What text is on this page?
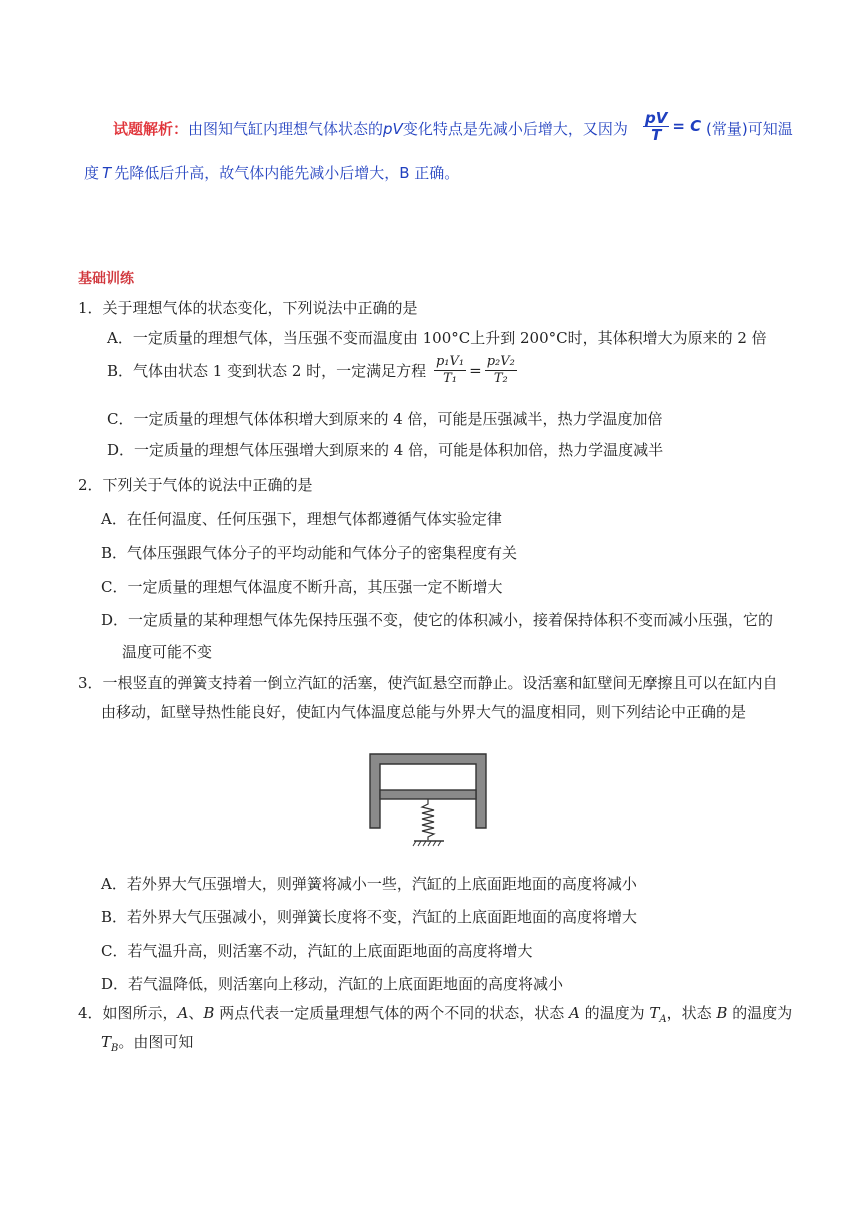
试题解析：由图知气缸内理想气体状态的pV变化特点是先减小后增大，又因为 $\frac{pV}{T} = C$ (常量)可知温
度 T 先降低后升高，故气体内能先减小后增大，B 正确。
基础训练
1．关于理想气体的状态变化，下列说法中正确的是
A．一定质量的理想气体，当压强不变而温度由 100°C上升到 200°C时，其体积增大为原来的 2 倍
B．气体由状态 1 变到状态 2 时，一定满足方程 $\frac{\text{p₁V₁}}{\text{T₁}} = \frac{\text{p₂V₂}}{\text{T₂}}$
C．一定质量的理想气体体积增大到原来的 4 倍，可能是压强减半，热力学温度加倍
D．一定质量的理想气体压强增大到原来的 4 倍，可能是体积加倍，热力学温度减半
2．下列关于气体的说法中正确的是
A．在任何温度、任何压强下，理想气体都遵循气体实验定律
B．气体压强跟气体分子的平均动能和气体分子的密集程度有关
C．一定质量的理想气体温度不断升高，其压强一定不断增大
D．一定质量的某种理想气体先保持压强不变，使它的体积减小，接着保持体积不变而减小压强，它的
温度可能不变
3．一根竖直的弹簧支持着一倒立汽缸的活塞，使汽缸悬空而静止。设活塞和缸壁间无摩擦且可以在缸内自
由移动，缸壁导热性能良好，使缸内气体温度总能与外界大气的温度相同，则下列结论中正确的是
A．若外界大气压强增大，则弹簧将减小一些，汽缸的上底面距地面的高度将减小
B．若外界大气压强减小，则弹簧长度将不变，汽缸的上底面距地面的高度将增大
C．若气温升高，则活塞不动，汽缸的上底面距地面的高度将增大
D．若气温降低，则活塞向上移动，汽缸的上底面距地面的高度将减小
4．如图所示，A、B 两点代表一定质量理想气体的两个不同的状态，状态 A 的温度为 $T_A$，状态 B 的温度为
$T_B$。由图可知
